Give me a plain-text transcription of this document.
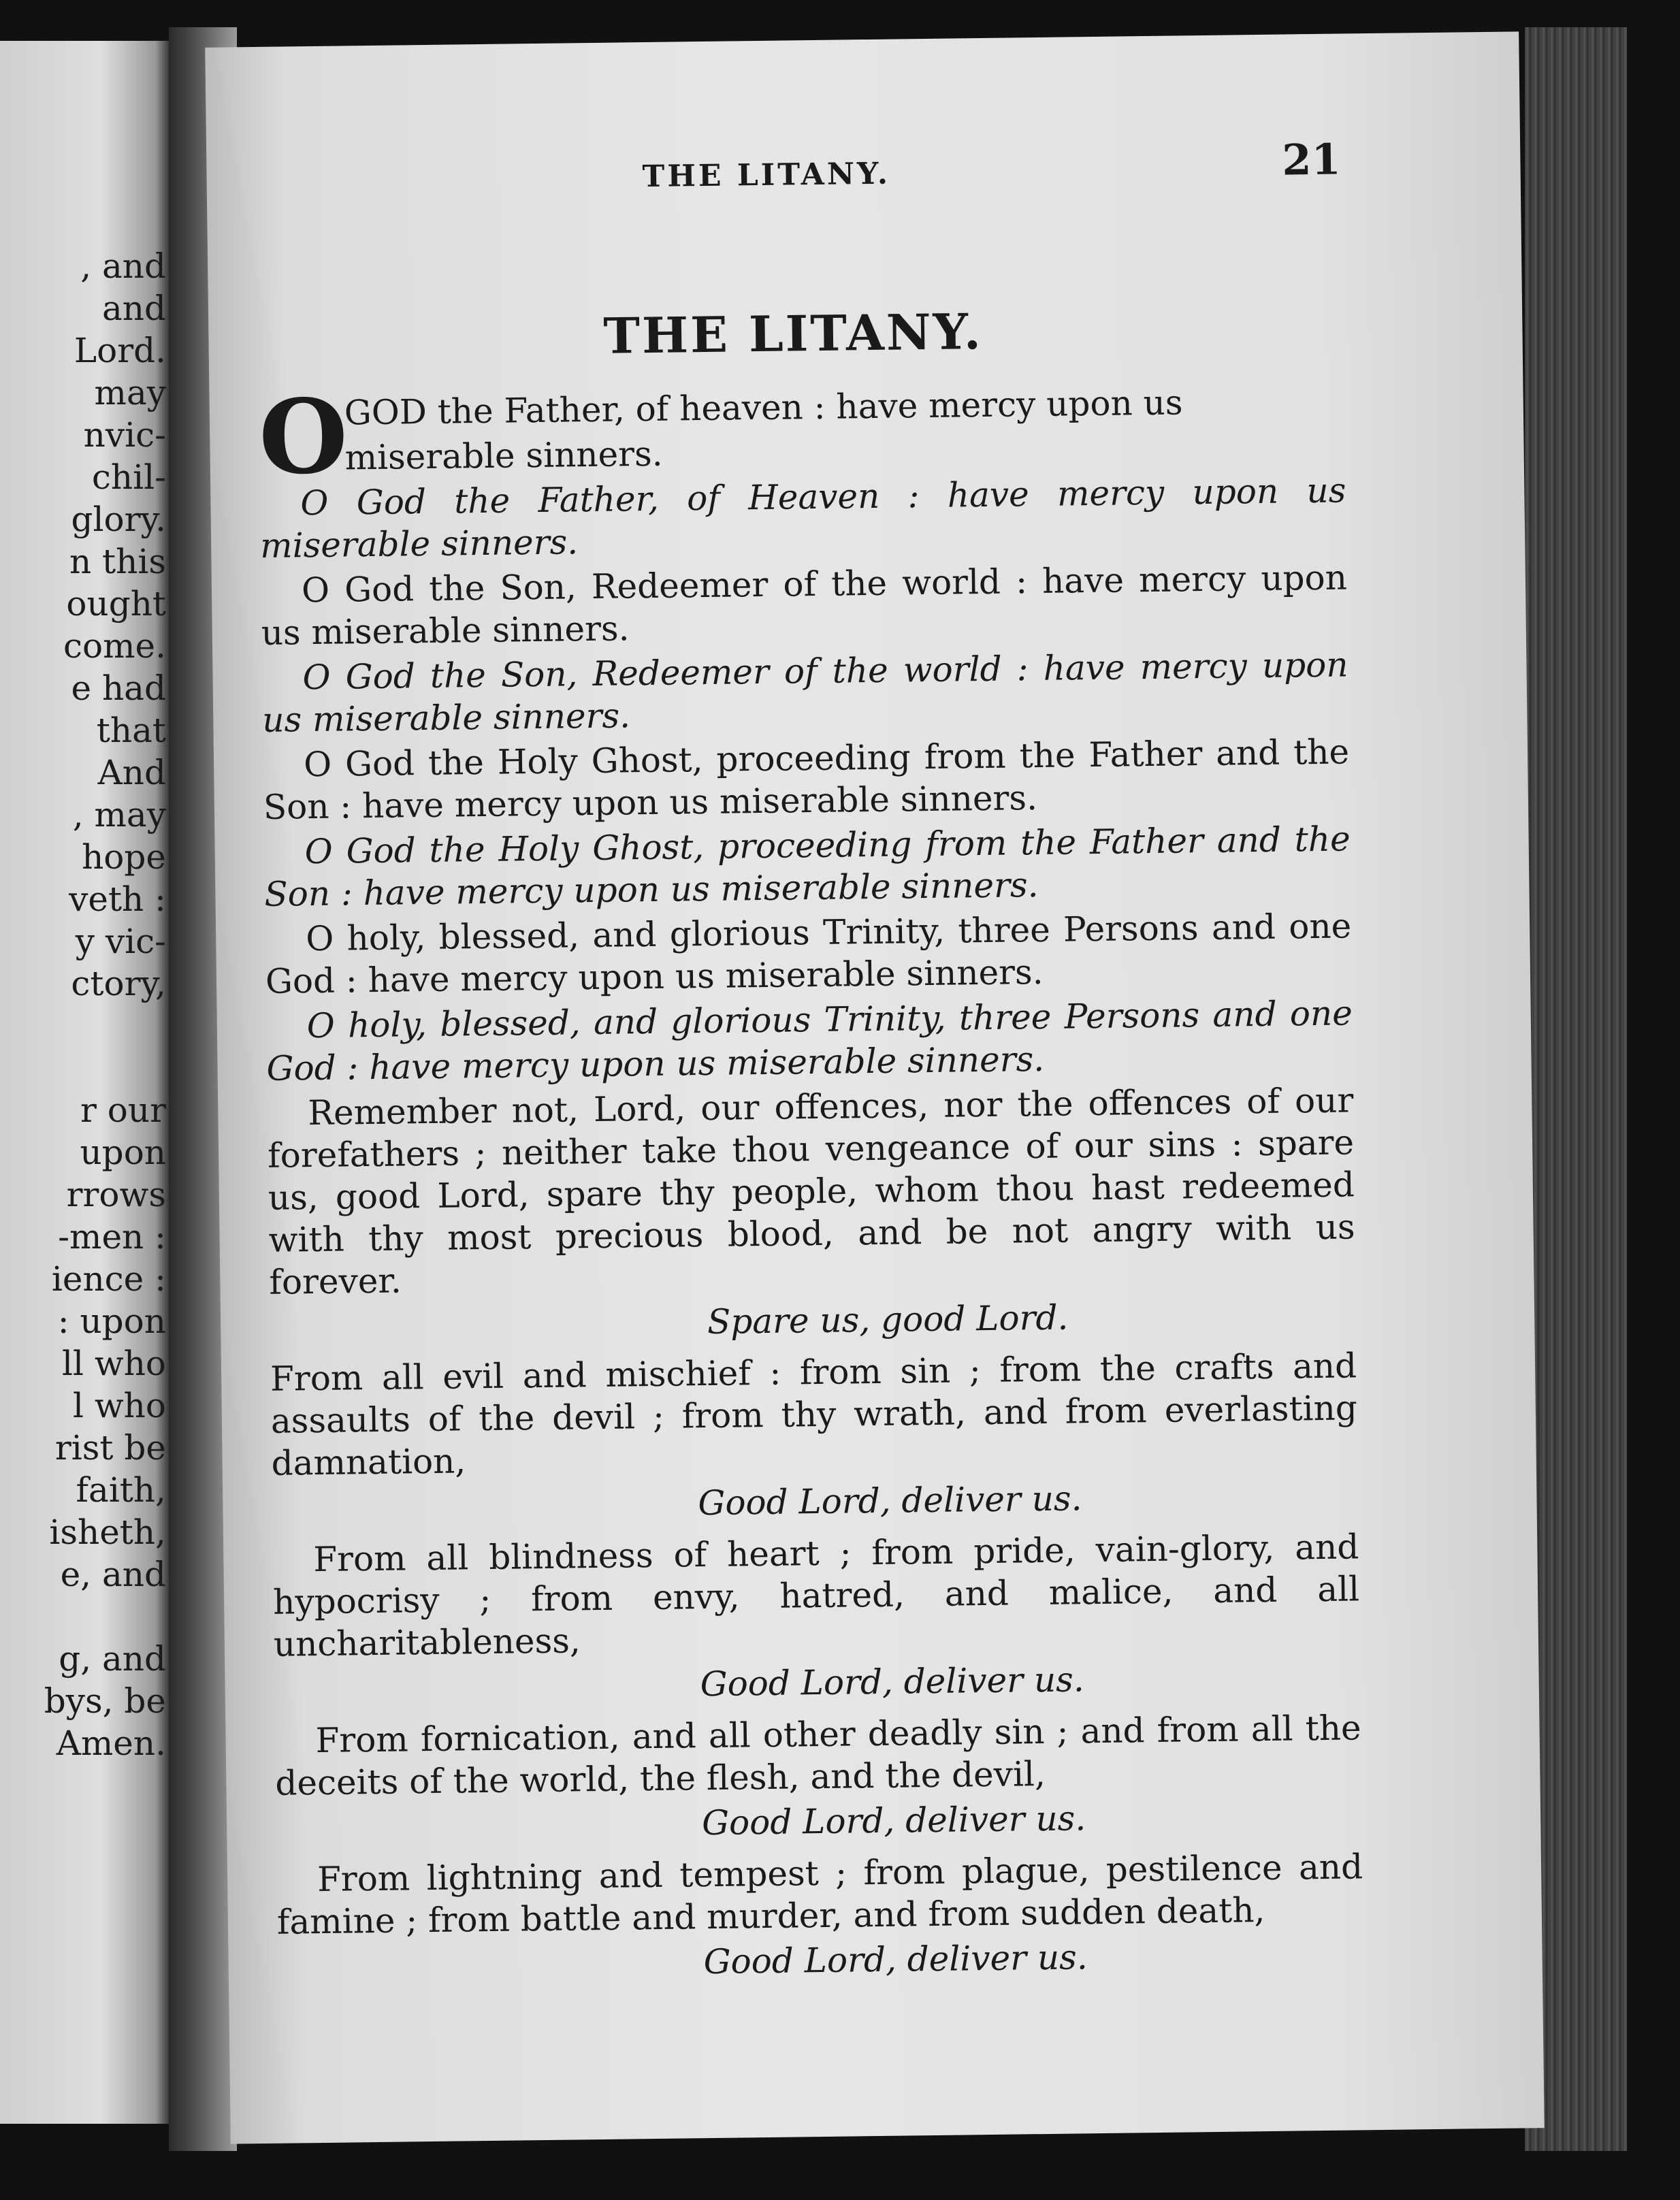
, and
and
Lord.
may
nvic-
chil-
glory.
n this
ought
come.
e had
that
And
, may
hope
veth :
y vic-
ctory,
r our
upon
rrows
-men :
ience :
: upon
ll who
l who
rist be
faith,
isheth,
e, and
g, and
bys, be
Amen.
THE LITANY.	21
THE LITANY.
O

GOD the Father, of heaven : have mercy upon us

miserable sinners.

O God the Father, of Heaven : have mercy upon us miserable sinners.

O God the Son, Redeemer of the world : have mercy upon us miserable sinners.

O God the Son, Redeemer of the world : have mercy upon us miserable sinners.

O God the Holy Ghost, proceeding from the Father and the Son : have mercy upon us miserable sinners.

O God the Holy Ghost, proceeding from the Father and the Son : have mercy upon us miserable sinners.

O holy, blessed, and glorious Trinity, three Persons and one God : have mercy upon us miserable sinners.

O holy, blessed, and glorious Trinity, three Persons and one God : have mercy upon us miserable sinners.

Remember not, Lord, our offences, nor the offences of our forefathers ; neither take thou vengeance of our sins : spare us, good Lord, spare thy people, whom thou hast redeemed with thy most precious blood, and be not angry with us forever.

Spare us, good Lord.

From all evil and mischief : from sin ; from the crafts and assaults of the devil ; from thy wrath, and from everlasting damnation,

Good Lord, deliver us.

From all blindness of heart ; from pride, vain-glory, and hypocrisy ; from envy, hatred, and malice, and all uncharitableness,

Good Lord, deliver us.

From fornication, and all other deadly sin ; and from all the deceits of the world, the flesh, and the devil,

Good Lord, deliver us.

From lightning and tempest ; from plague, pestilence and famine ; from battle and murder, and from sudden death,

Good Lord, deliver us.
